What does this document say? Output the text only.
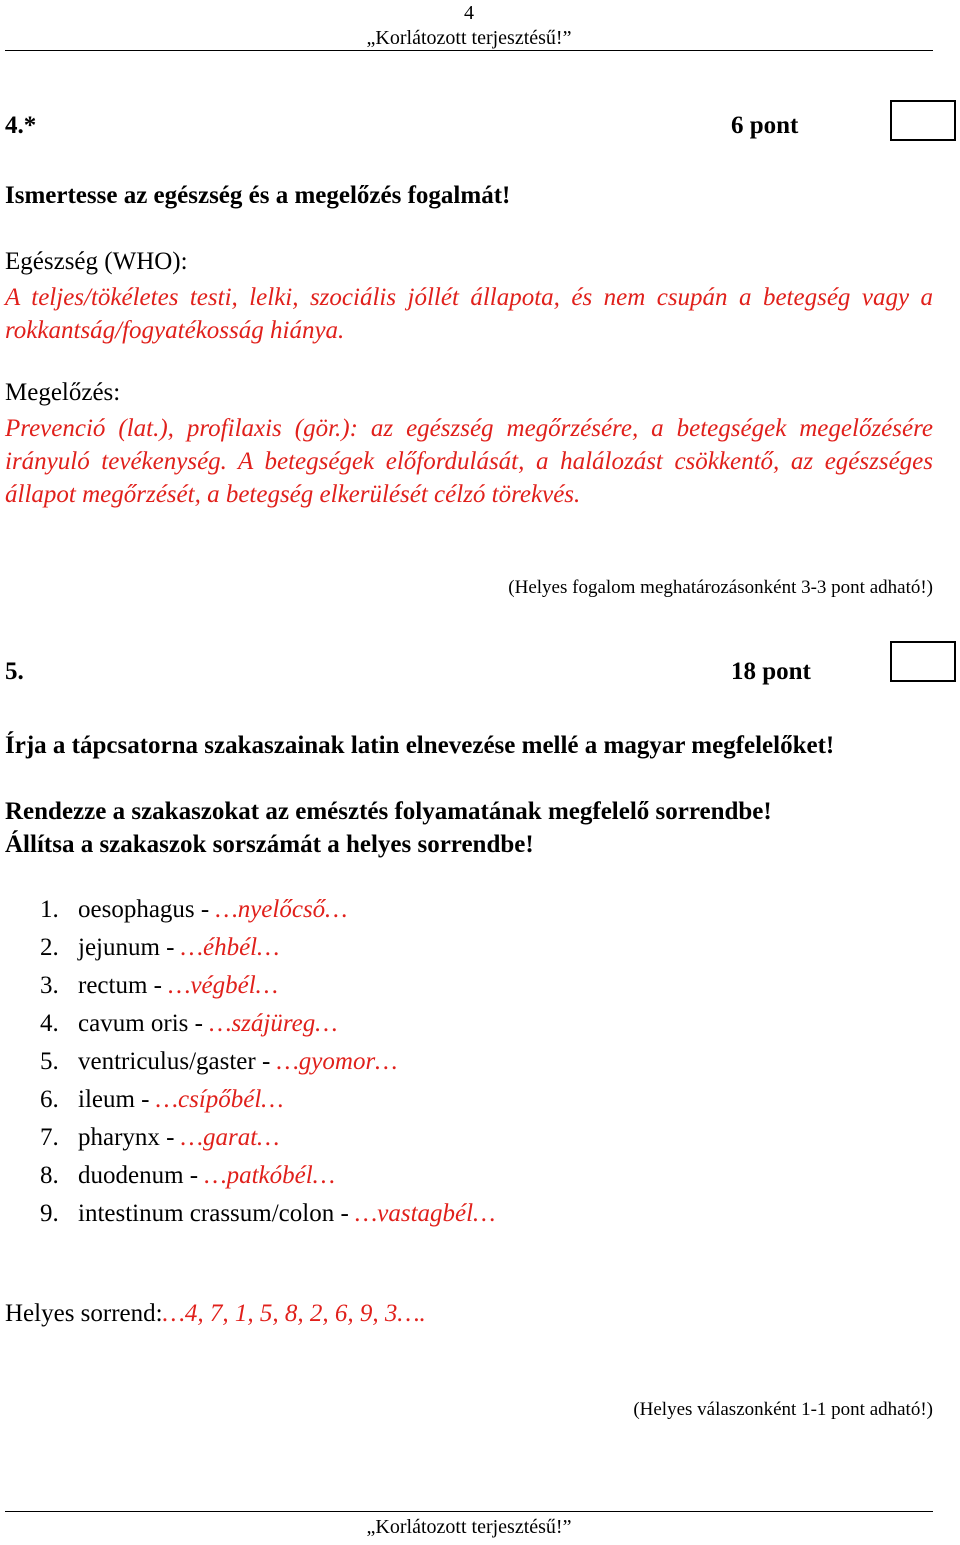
4
„Korlátozott terjesztésű!”
4.*	6 pont
Ismertesse az egészség és a megelőzés fogalmát!
Egészség (WHO):
A teljes/tökéletes testi, lelki, szociális jóllét állapota, és nem csupán a betegség vagy a rokkantság/fogyatékosság hiánya.
Megelőzés:
Prevenció (lat.), profilaxis (gör.): az egészség megőrzésére, a betegségek megelőzésére irányuló tevékenység. A betegségek előfordulását, a halálozást csökkentő, az egészséges állapot megőrzését, a betegség elkerülését célzó törekvés.
(Helyes fogalom meghatározásonként 3-3 pont adható!)
5.	18 pont
Írja a tápcsatorna szakaszainak latin elnevezése mellé a magyar megfelelőket!
Rendezze a szakaszokat az emésztés folyamatának megfelelő sorrendbe!
Állítsa a szakaszok sorszámát a helyes sorrendbe!
1. oesophagus - …nyelőcső…
2. jejunum - …éhbél…
3. rectum - …végbél…
4. cavum oris - …szájüreg…
5. ventriculus/gaster - …gyomor…
6. ileum - …csípőbél…
7. pharynx - …garat…
8. duodenum - …patkóbél…
9. intestinum crassum/colon - …vastagbél…
Helyes sorrend:…4, 7, 1, 5, 8, 2, 6, 9, 3….
(Helyes válaszonként 1-1 pont adható!)
„Korlátozott terjesztésű!”
